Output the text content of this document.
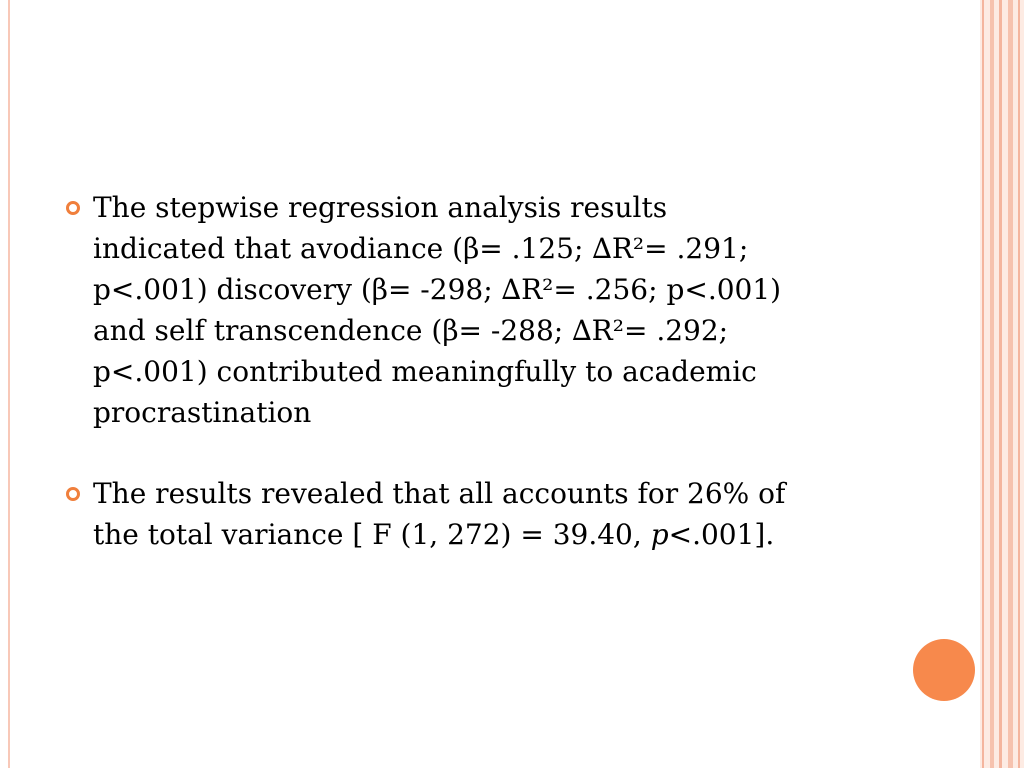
The stepwise regression analysis results
indicated that avodiance (β= .125; ∆R²= .291;
p<.001) discovery (β= -298; ∆R²= .256; p<.001)
and self transcendence (β= -288; ∆R²= .292;
p<.001) contributed meaningfully to academic
procrastination
The results revealed that all accounts for 26% of
the total variance [ F (1, 272) = 39.40, p<.001].
